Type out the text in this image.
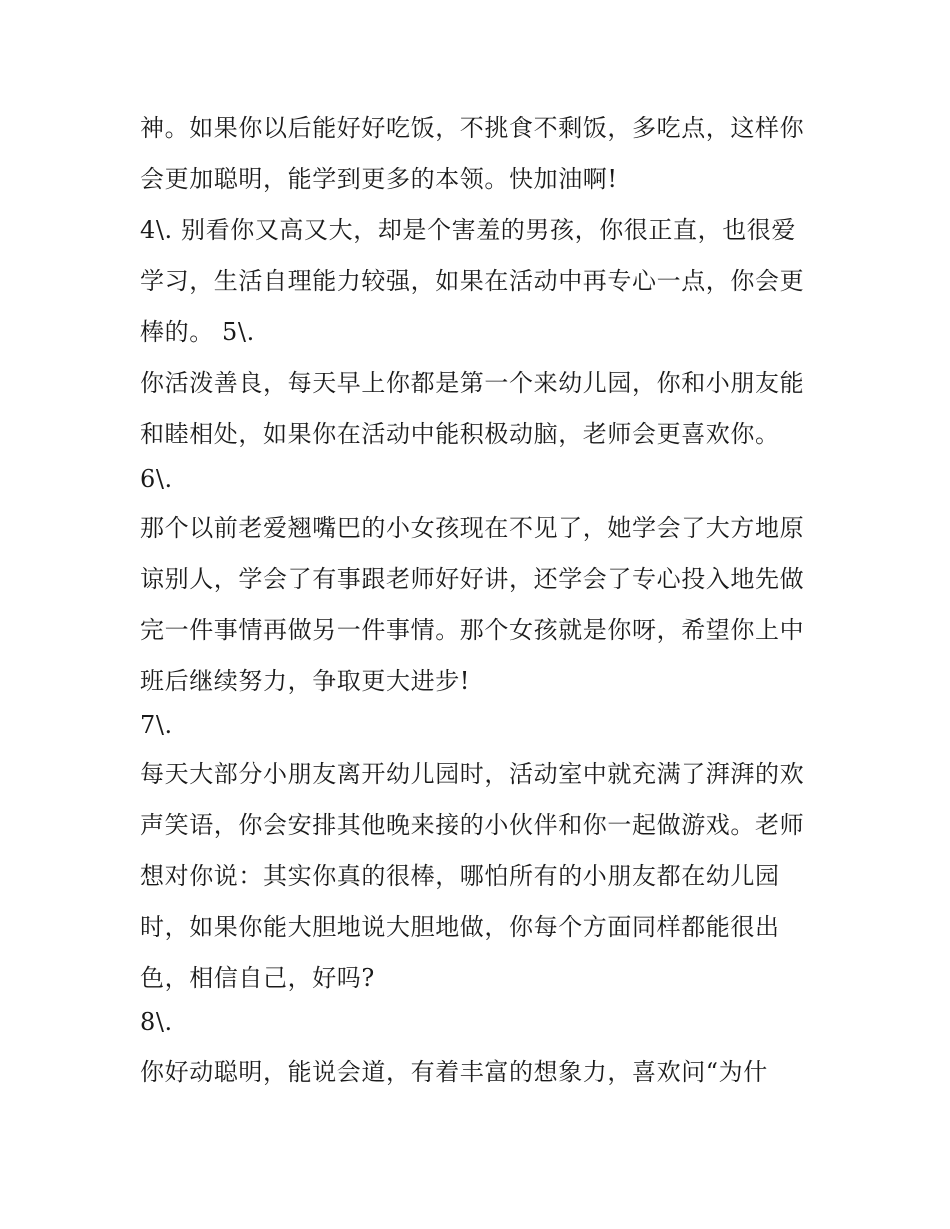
神。如果你以后能好好吃饭，不挑食不剩饭，多吃点，这样你
会更加聪明，能学到更多的本领。快加油啊!
4\. 别看你又高又大，却是个害羞的男孩，你很正直，也很爱
学习，生活自理能力较强，如果在活动中再专心一点，你会更
棒的。 5\.
你活泼善良，每天早上你都是第一个来幼儿园，你和小朋友能
和睦相处，如果你在活动中能积极动脑，老师会更喜欢你。
6\.
那个以前老爱翘嘴巴的小女孩现在不见了，她学会了大方地原
谅别人，学会了有事跟老师好好讲，还学会了专心投入地先做
完一件事情再做另一件事情。那个女孩就是你呀，希望你上中
班后继续努力，争取更大进步!
7\.
每天大部分小朋友离开幼儿园时，活动室中就充满了湃湃的欢
声笑语，你会安排其他晚来接的小伙伴和你一起做游戏。老师
想对你说：其实你真的很棒，哪怕所有的小朋友都在幼儿园
时，如果你能大胆地说大胆地做，你每个方面同样都能很出
色，相信自己，好吗?
8\.
你好动聪明，能说会道，有着丰富的想象力，喜欢问“为什
